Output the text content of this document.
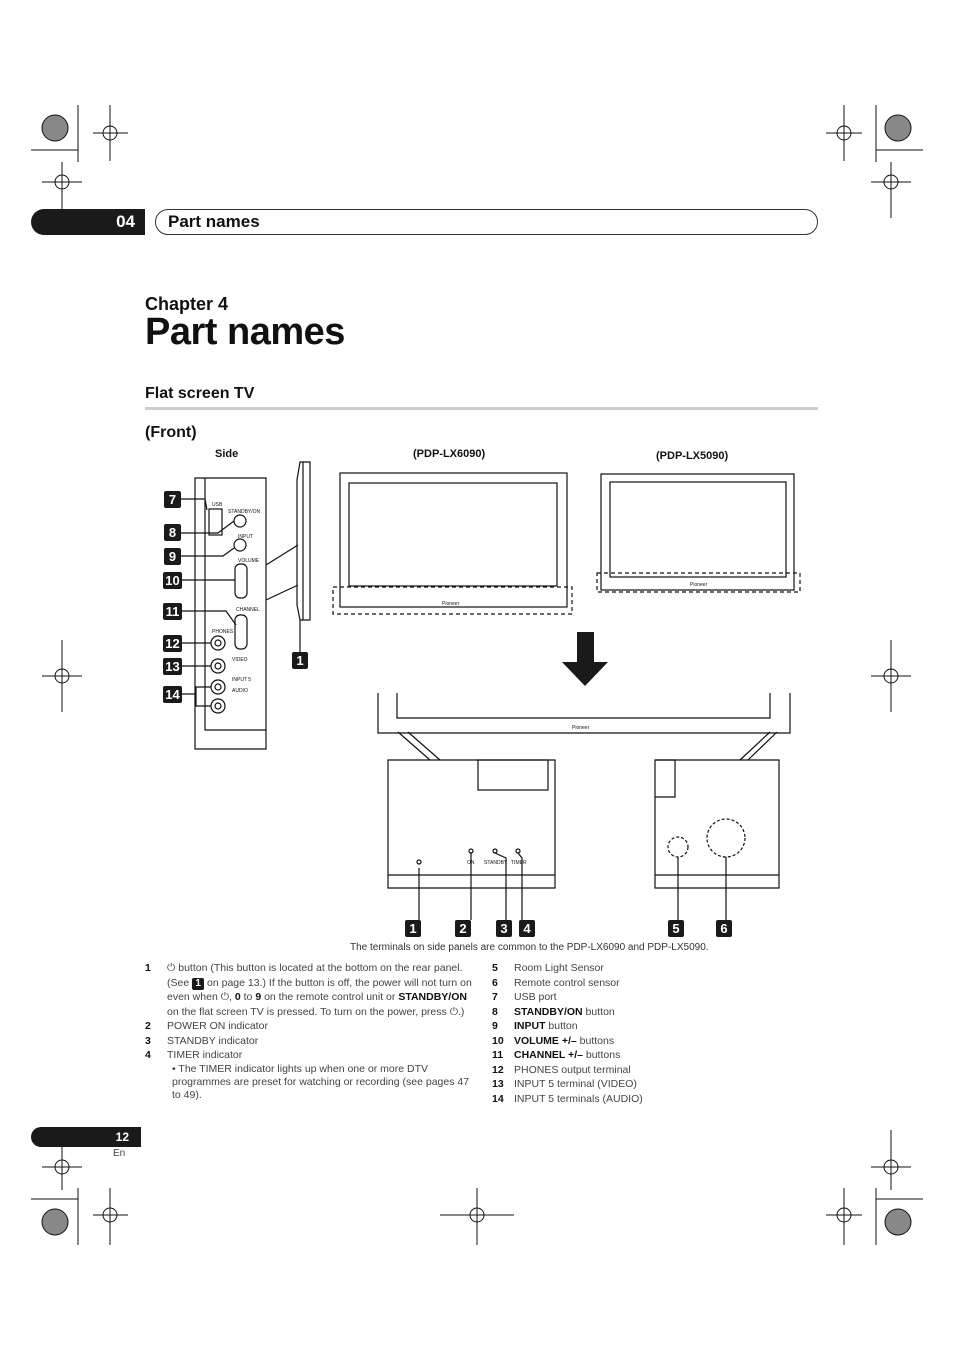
04	Part names
Chapter 4
Part names
Flat screen TV
(Front)
Side	(PDP-LX6090)	(PDP-LX5090)
USB
STANDBY/ON
INPUT
VOLUME
CHANNEL
PHONES
VIDEO
INPUT 5
AUDIO
ON STANDBY TIMER
Pioneer
Pioneer
Pioneer
7
8
9
10
11
12
13
14
1
1	2	3	4	5	6
The terminals on side panels are common to the PDP-LX6090 and PDP-LX5090.
1	⏻ button (This button is located at the bottom on the rear panel. (See 1 on page 13.) If the button is off, the power will not turn on even when ⏻, 0 to 9 on the remote control unit or STANDBY/ON on the flat screen TV is pressed. To turn on the power, press ⏻.)
2	POWER ON indicator
3	STANDBY indicator
4	TIMER indicator
• The TIMER indicator lights up when one or more DTV programmes are preset for watching or recording (see pages 47 to 49).
5	Room Light Sensor
6	Remote control sensor
7	USB port
8	STANDBY/ON button
9	INPUT button
10 VOLUME +/– buttons
11	CHANNEL +/– buttons
12 PHONES output terminal
13 INPUT 5 terminal (VIDEO)
14 INPUT 5 terminals (AUDIO)
12
En
